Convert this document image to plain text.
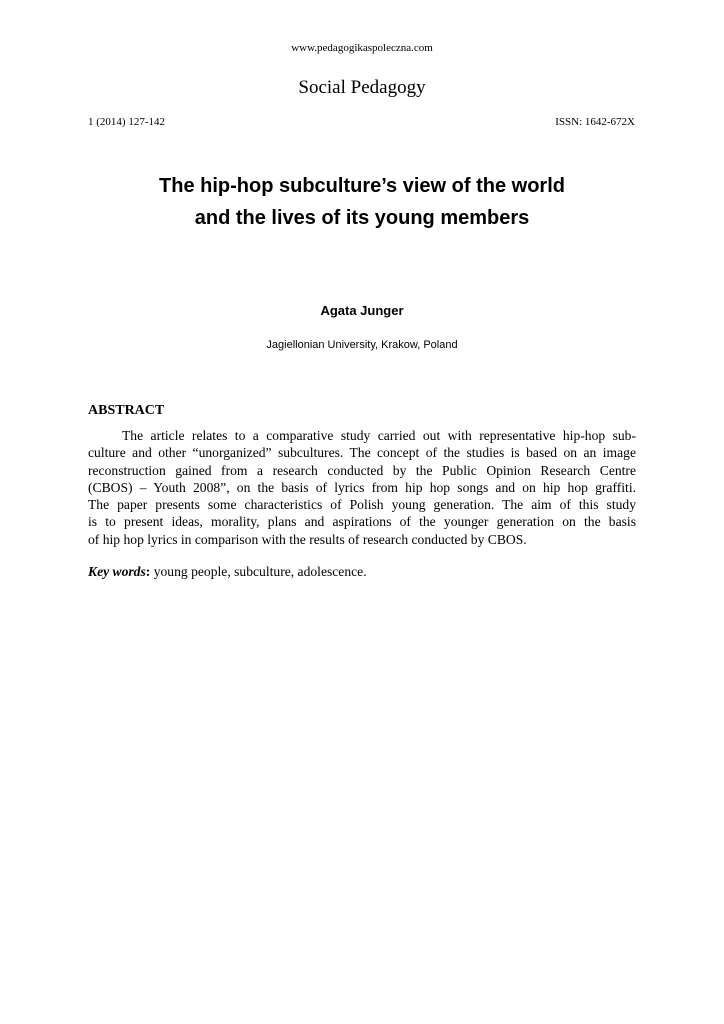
www.pedagogikaspoleczna.com
Social Pedagogy
1 (2014) 127-142	ISSN: 1642-672X
The hip-hop subculture’s view of the world
and the lives of its young members
Agata Junger
Jagiellonian University, Krakow, Poland
ABSTRACT
The article relates to a comparative study carried out with representative hip-hop sub-
culture and other “unorganized” subcultures. The concept of the studies is based on an image
reconstruction gained from a research conducted by the Public Opinion Research Centre
(CBOS) – Youth 2008”, on the basis of lyrics from hip hop songs and on hip hop graffiti.
The paper presents some characteristics of Polish young generation. The aim of this study
is to present ideas, morality, plans and aspirations of the younger generation on the basis
of hip hop lyrics in comparison with the results of research conducted by CBOS.
Key words: young people, subculture, adolescence.
